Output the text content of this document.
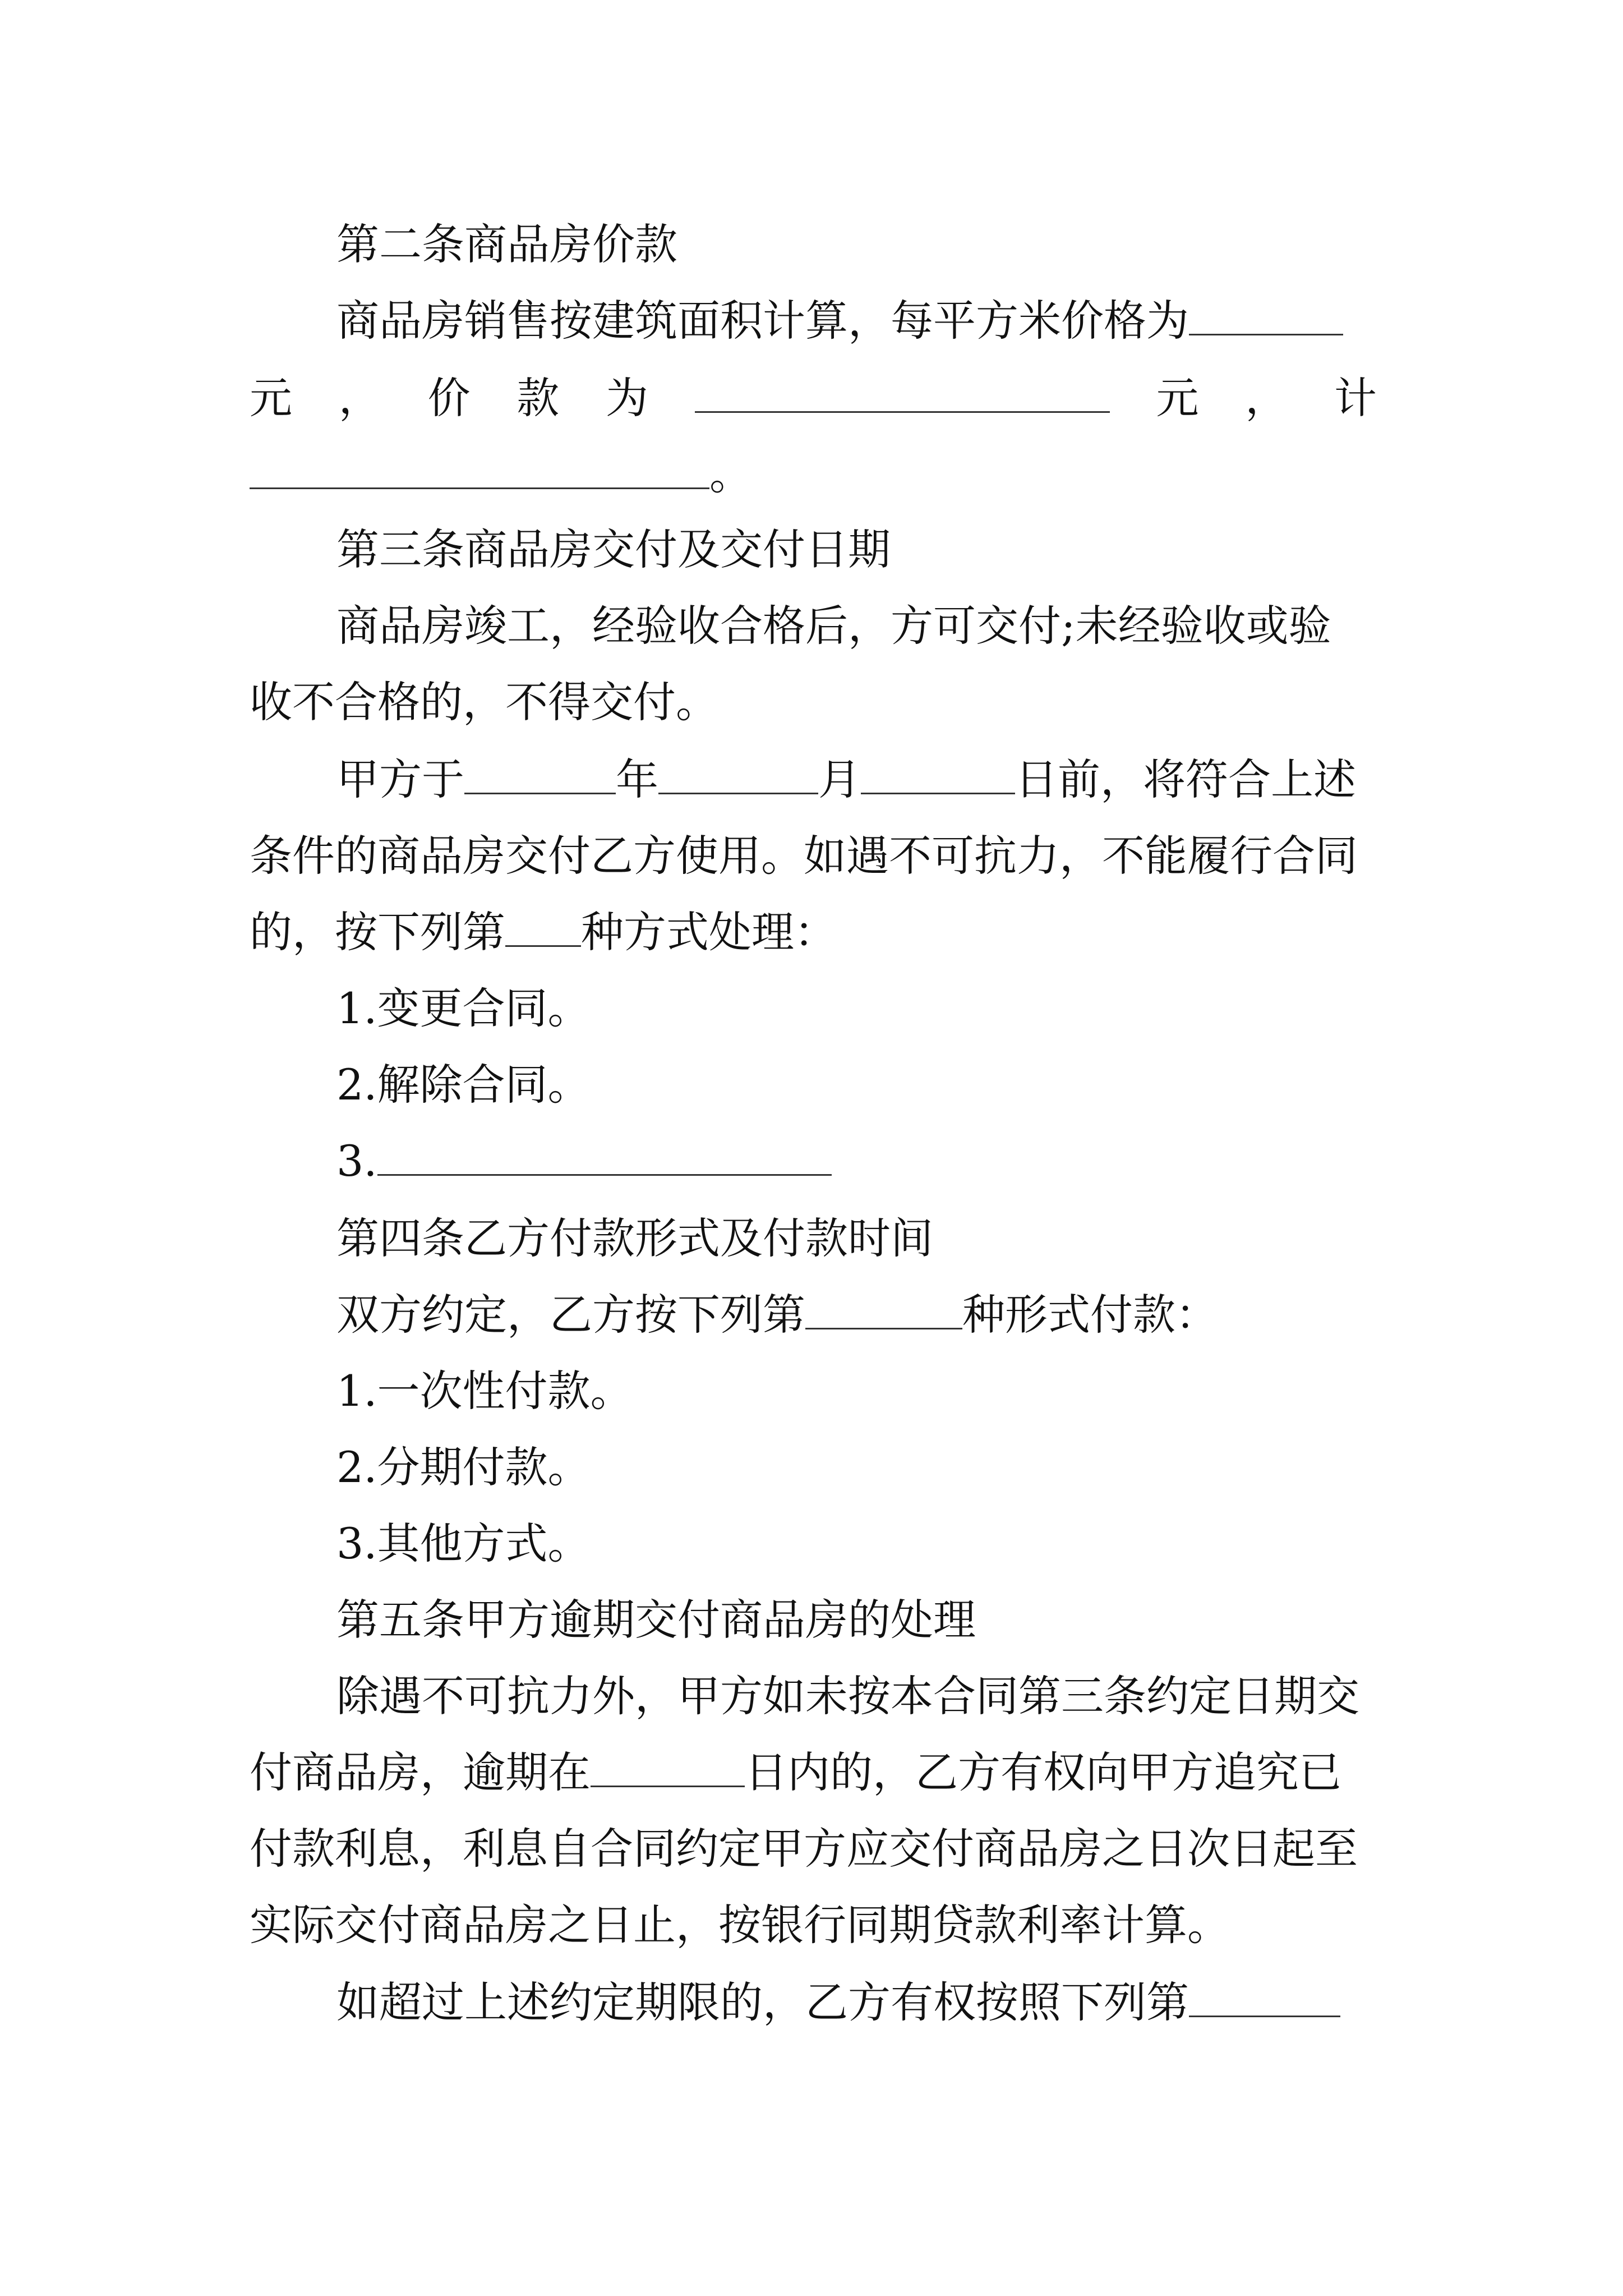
第二条商品房价款
商品房销售按建筑面积计算，每平方米价格为
元 ， 价 款 为	元 ， 计
。
第三条商品房交付及交付日期
商品房竣工，经验收合格后，方可交付;未经验收或验
收不合格的，不得交付。
甲方于	年	月	日前，将符合上述
条件的商品房交付乙方使用。如遇不可抗力，不能履行合同
的，按下列第 种方式处理：
1.变更合同。
2.解除合同。
3.
第四条乙方付款形式及付款时间
双方约定，乙方按下列第	种形式付款：
1.一次性付款。
2.分期付款。
3.其他方式。
第五条甲方逾期交付商品房的处理
除遇不可抗力外，甲方如未按本合同第三条约定日期交
付商品房，逾期在	日内的，乙方有权向甲方追究已
付款利息，利息自合同约定甲方应交付商品房之日次日起至
实际交付商品房之日止，按银行同期贷款利率计算。
如超过上述约定期限的，乙方有权按照下列第
